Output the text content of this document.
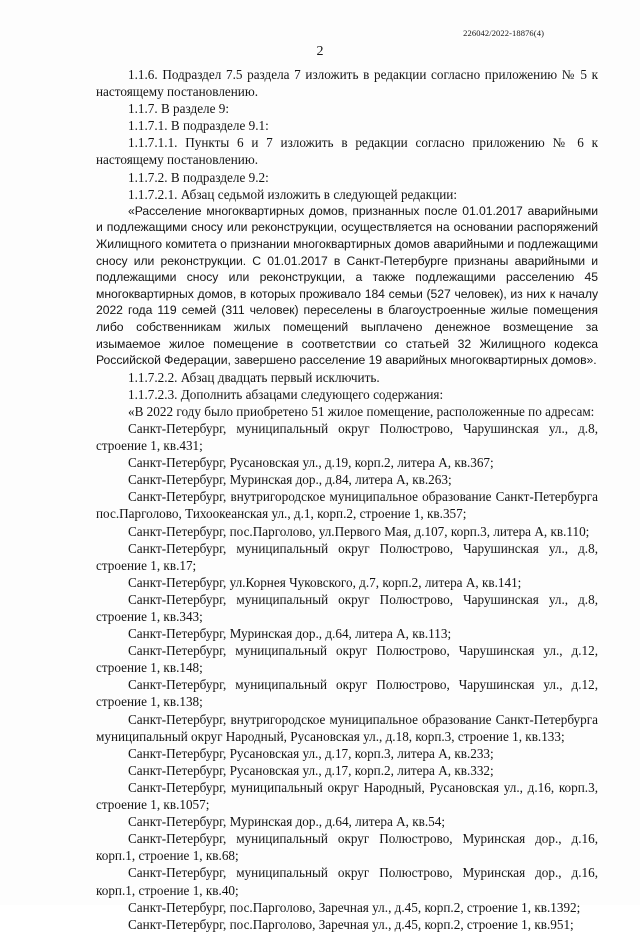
226042/2022-18876(4)
2

1.1.6. Подраздел 7.5 раздела 7 изложить в редакции согласно приложению № 5 к настоящему постановлению.

1.1.7. В разделе 9:

1.1.7.1. В подразделе 9.1:

1.1.7.1.1. Пункты 6 и 7 изложить в редакции согласно приложению № 6 к настоящему постановлению.

1.1.7.2. В подразделе 9.2:

1.1.7.2.1. Абзац седьмой изложить в следующей редакции:

«Расселение многоквартирных домов, признанных после 01.01.2017 аварийными и подлежащими сносу или реконструкции, осуществляется на основании распоряжений Жилищного комитета о признании многоквартирных домов аварийными и подлежащими сносу или реконструкции. С 01.01.2017 в Санкт-Петербурге признаны аварийными и подлежащими сносу или реконструкции, а также подлежащими расселению 45 многоквартирных домов, в которых проживало 184 семьи (527 человек), из них к началу 2022 года 119 семей (311 человек) переселены в благоустроенные жилые помещения либо собственникам жилых помещений выплачено денежное возмещение за изымаемое жилое помещение в соответствии со статьей 32 Жилищного кодекса Российской Федерации, завершено расселение 19 аварийных многоквартирных домов».

1.1.7.2.2. Абзац двадцать первый исключить.

1.1.7.2.3. Дополнить абзацами следующего содержания:

«В 2022 году было приобретено 51 жилое помещение, расположенные по адресам:

Санкт-Петербург, муниципальный округ Полюстрово, Чарушинская ул., д.8, строение 1, кв.431;

Санкт-Петербург, Русановская ул., д.19, корп.2, литера А, кв.367;

Санкт-Петербург, Муринская дор., д.84, литера А, кв.263;

Санкт-Петербург, внутригородское муниципальное образование Санкт-Петербурга пос.Парголово, Тихоокеанская ул., д.1, корп.2, строение 1, кв.357;

Санкт-Петербург, пос.Парголово, ул.Первого Мая, д.107, корп.3, литера А, кв.110;

Санкт-Петербург, муниципальный округ Полюстрово, Чарушинская ул., д.8, строение 1, кв.17;

Санкт-Петербург, ул.Корнея Чуковского, д.7, корп.2, литера А, кв.141;

Санкт-Петербург, муниципальный округ Полюстрово, Чарушинская ул., д.8, строение 1, кв.343;

Санкт-Петербург, Муринская дор., д.64, литера А, кв.113;

Санкт-Петербург, муниципальный округ Полюстрово, Чарушинская ул., д.12, строение 1, кв.148;

Санкт-Петербург, муниципальный округ Полюстрово, Чарушинская ул., д.12, строение 1, кв.138;

Санкт-Петербург, внутригородское муниципальное образование Санкт-Петербурга муниципальный округ Народный, Русановская ул., д.18, корп.3, строение 1, кв.133;

Санкт-Петербург, Русановская ул., д.17, корп.3, литера А, кв.233;

Санкт-Петербург, Русановская ул., д.17, корп.2, литера А, кв.332;

Санкт-Петербург, муниципальный округ Народный, Русановская ул., д.16, корп.3, строение 1, кв.1057;

Санкт-Петербург, Муринская дор., д.64, литера А, кв.54;

Санкт-Петербург, муниципальный округ Полюстрово, Муринская дор., д.16, корп.1, строение 1, кв.68;

Санкт-Петербург, муниципальный округ Полюстрово, Муринская дор., д.16, корп.1, строение 1, кв.40;

Санкт-Петербург, пос.Парголово, Заречная ул., д.45, корп.2, строение 1, кв.1392;

Санкт-Петербург, пос.Парголово, Заречная ул., д.45, корп.2, строение 1, кв.951;
